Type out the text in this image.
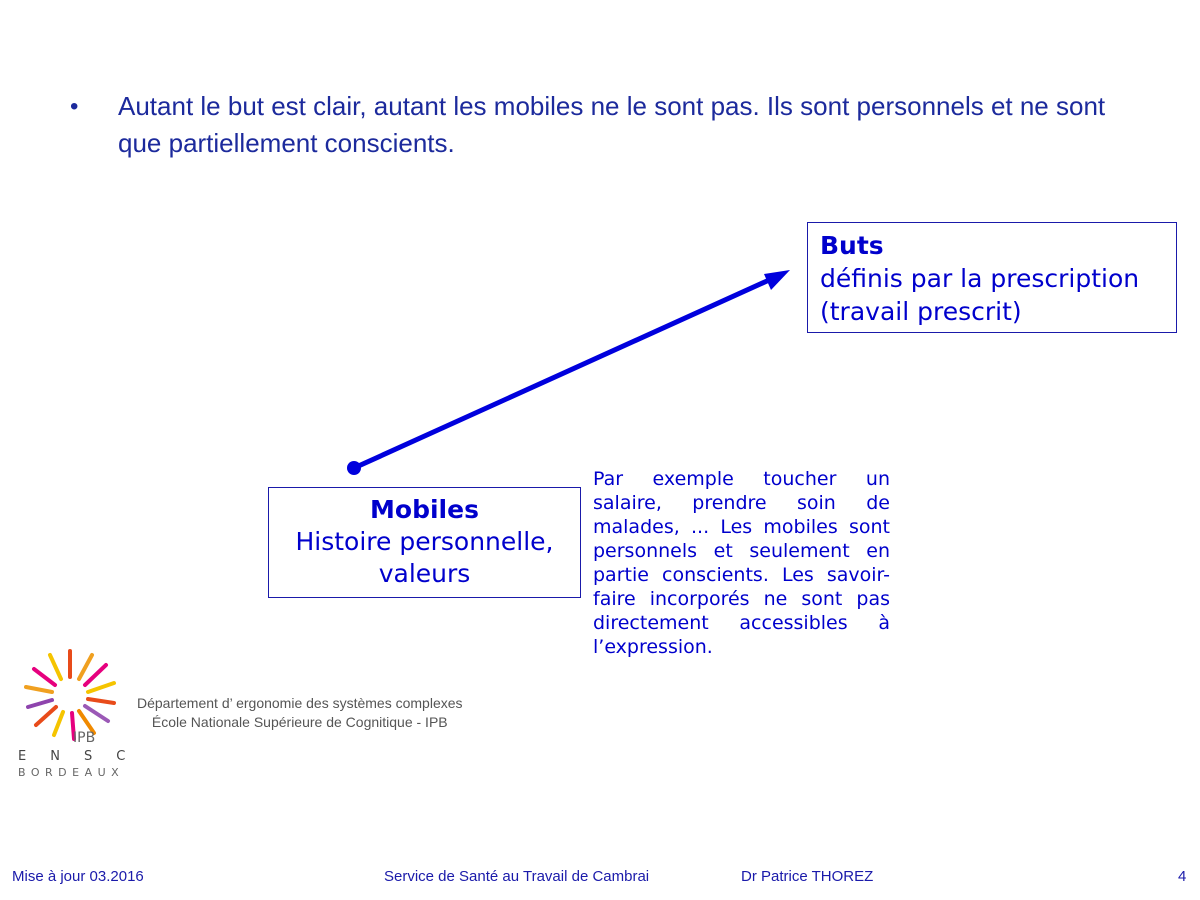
•	Autant le but est clair, autant les mobiles ne le sont pas. Ils sont personnels et ne sont que partiellement conscients.
Buts
définis par la prescription
(travail prescrit)
Mobiles
Histoire personnelle,
valeurs
Par exemple toucher un salaire, prendre soin de malades, ... Les mobiles sont personnels et seulement en partie conscients. Les savoir-faire incorporés ne sont pas directement accessibles à l’expression.
IPB
ENSC
BORDEAUX
Département d’ ergonomie des systèmes complexes
École Nationale Supérieure de Cognitique - IPB
Mise à jour 03.2016	Service de Santé au Travail de Cambrai	Dr Patrice THOREZ	4
